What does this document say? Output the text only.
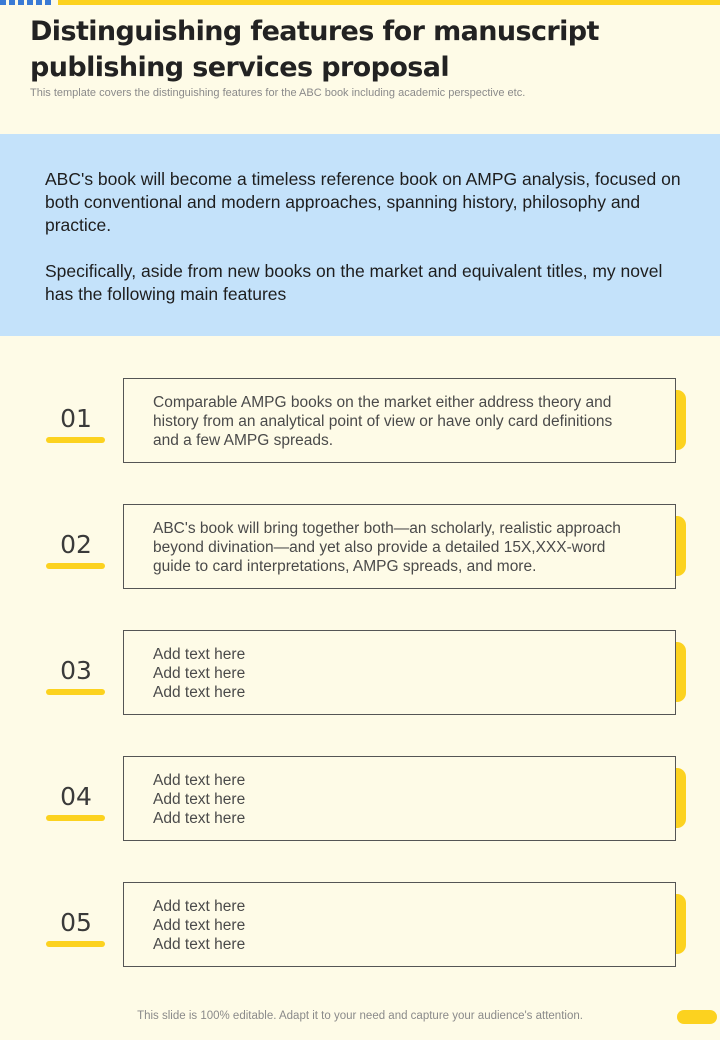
Distinguishing features for manuscript publishing services proposal
This template covers the distinguishing features for the ABC book including academic perspective etc.

ABC's book will become a timeless reference book on AMPG analysis, focused on both conventional and modern approaches, spanning history, philosophy and practice.

Specifically, aside from new books on the market and equivalent titles, my novel has the following main features

01
Comparable AMPG books on the market either address theory and
history from an analytical point of view or have only card definitions
and a few AMPG spreads.
02
ABC's book will bring together both—an scholarly, realistic approach
beyond divination—and yet also provide a detailed 15X,XXX-word
guide to card interpretations, AMPG spreads, and more.
03
Add text here
Add text here
Add text here
04
Add text here
Add text here
Add text here
05
Add text here
Add text here
Add text here
This slide is 100% editable. Adapt it to your need and capture your audience's attention.
